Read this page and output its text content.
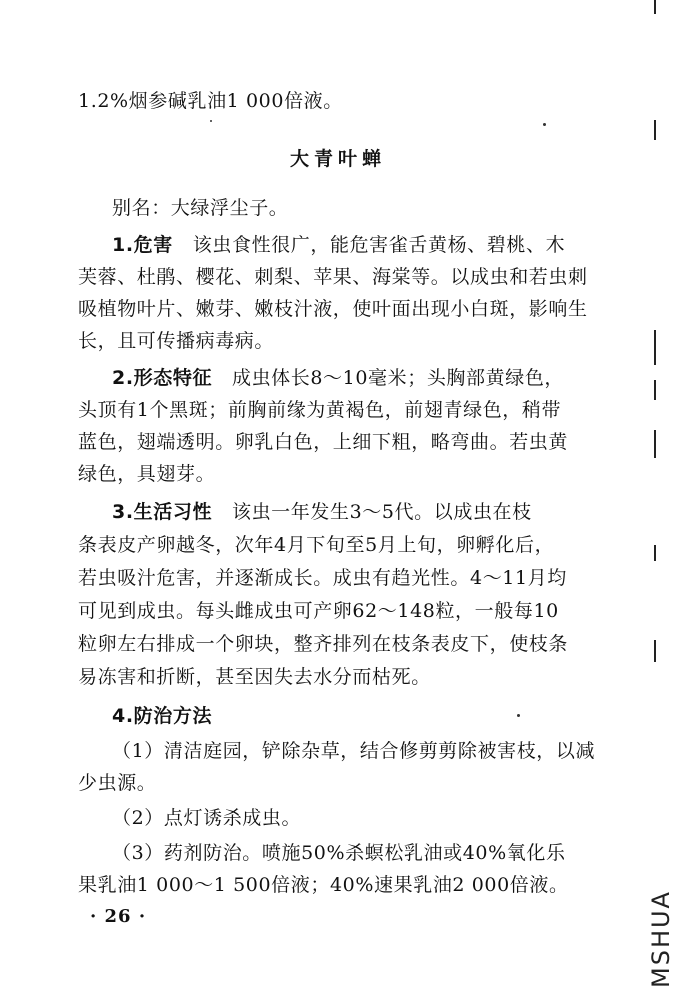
1.2%烟参碱乳油1 000倍液。
大青叶蝉
别名：大绿浮尘子。
1.危害 该虫食性很广，能危害雀舌黄杨、碧桃、木
芙蓉、杜鹃、樱花、刺梨、苹果、海棠等。以成虫和若虫刺
吸植物叶片、嫩芽、嫩枝汁液，使叶面出现小白斑，影响生
长，且可传播病毒病。
2.形态特征 成虫体长8～10毫米；头胸部黄绿色，
头顶有1个黑斑；前胸前缘为黄褐色，前翅青绿色，稍带
蓝色，翅端透明。卵乳白色，上细下粗，略弯曲。若虫黄
绿色，具翅芽。
3.生活习性 该虫一年发生3～5代。以成虫在枝
条表皮产卵越冬，次年4月下旬至5月上旬，卵孵化后，
若虫吸汁危害，并逐渐成长。成虫有趋光性。4～11月均
可见到成虫。每头雌成虫可产卵62～148粒，一般每10
粒卵左右排成一个卵块，整齐排列在枝条表皮下，使枝条
易冻害和折断，甚至因失去水分而枯死。
4.防治方法
（1）清洁庭园，铲除杂草，结合修剪剪除被害枝，以减
少虫源。
（2）点灯诱杀成虫。
（3）药剂防治。喷施50%杀螟松乳油或40%氧化乐
果乳油1 000～1 500倍液；40%速果乳油2 000倍液。
· 26 ·	MSHUA
